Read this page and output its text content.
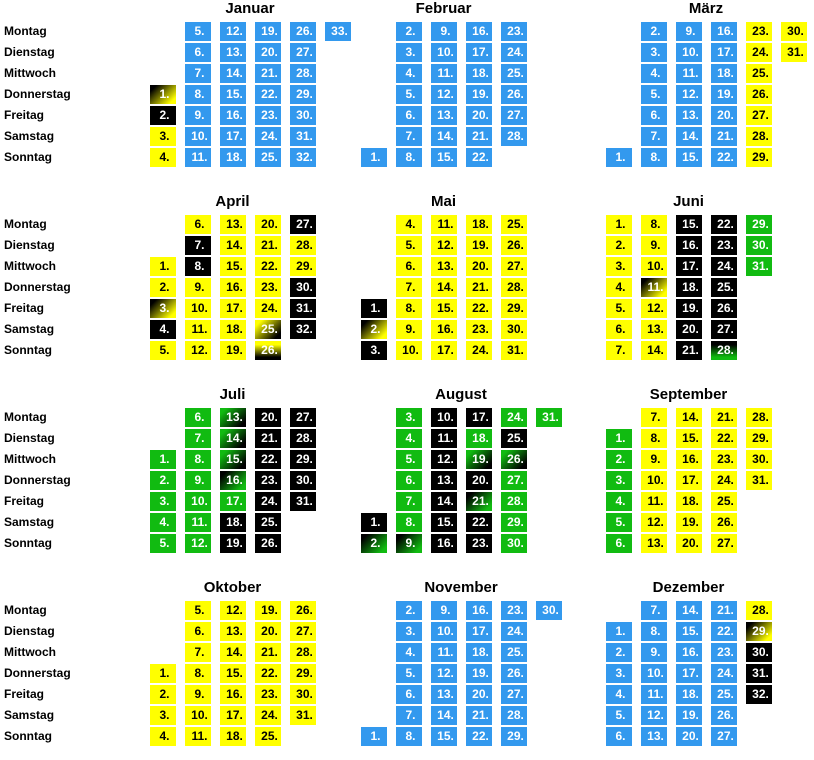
Montag
Dienstag
Mittwoch
Donnerstag
Freitag
Samstag
Sonntag
Montag
Dienstag
Mittwoch
Donnerstag
Freitag
Samstag
Sonntag
Montag
Dienstag
Mittwoch
Donnerstag
Freitag
Samstag
Sonntag
Montag
Dienstag
Mittwoch
Donnerstag
Freitag
Samstag
Sonntag
Januar
1.
2.
3.
4.
5.
6.
7.
8.
9.
10.
11.
12.
13.
14.
15.
16.
17.
18.
19.
20.
21.
22.
23.
24.
25.
26.
27.
28.
29.
30.
31.
32.
33.
Februar
1.
2.
3.
4.
5.
6.
7.
8.
9.
10.
11.
12.
13.
14.
15.
16.
17.
18.
19.
20.
21.
22.
23.
24.
25.
26.
27.
28.
März
1.
2.
3.
4.
5.
6.
7.
8.
9.
10.
11.
12.
13.
14.
15.
16.
17.
18.
19.
20.
21.
22.
23.
24.
25.
26.
27.
28.
29.
30.
31.
April
1.
2.
3.
4.
5.
6.
7.
8.
9.
10.
11.
12.
13.
14.
15.
16.
17.
18.
19.
20.
21.
22.
23.
24.
25.
26.
27.
28.
29.
30.
31.
32.
Mai
1.
2.
3.
4.
5.
6.
7.
8.
9.
10.
11.
12.
13.
14.
15.
16.
17.
18.
19.
20.
21.
22.
23.
24.
25.
26.
27.
28.
29.
30.
31.
Juni
1.
2.
3.
4.
5.
6.
7.
8.
9.
10.
11.
12.
13.
14.
15.
16.
17.
18.
19.
20.
21.
22.
23.
24.
25.
26.
27.
28.
29.
30.
31.
Juli
1.
2.
3.
4.
5.
6.
7.
8.
9.
10.
11.
12.
13.
14.
15.
16.
17.
18.
19.
20.
21.
22.
23.
24.
25.
26.
27.
28.
29.
30.
31.
August
1.
2.
3.
4.
5.
6.
7.
8.
9.
10.
11.
12.
13.
14.
15.
16.
17.
18.
19.
20.
21.
22.
23.
24.
25.
26.
27.
28.
29.
30.
31.
September
1.
2.
3.
4.
5.
6.
7.
8.
9.
10.
11.
12.
13.
14.
15.
16.
17.
18.
19.
20.
21.
22.
23.
24.
25.
26.
27.
28.
29.
30.
31.
Oktober
1.
2.
3.
4.
5.
6.
7.
8.
9.
10.
11.
12.
13.
14.
15.
16.
17.
18.
19.
20.
21.
22.
23.
24.
25.
26.
27.
28.
29.
30.
31.
November
1.
2.
3.
4.
5.
6.
7.
8.
9.
10.
11.
12.
13.
14.
15.
16.
17.
18.
19.
20.
21.
22.
23.
24.
25.
26.
27.
28.
29.
30.
Dezember
1.
2.
3.
4.
5.
6.
7.
8.
9.
10.
11.
12.
13.
14.
15.
16.
17.
18.
19.
20.
21.
22.
23.
24.
25.
26.
27.
28.
29.
30.
31.
32.
